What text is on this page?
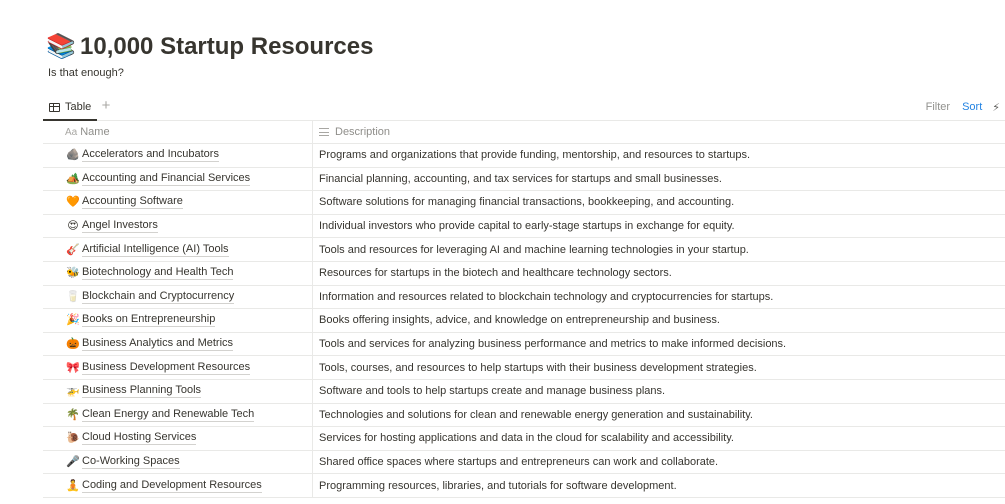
📚 10,000 Startup Resources
Is that enough?
Table +	Filter Sort ⚡
Aa Name	Description
🪨 Accelerators and Incubators	Programs and organizations that provide funding, mentorship, and resources to startups.
🏕️ Accounting and Financial Services	Financial planning, accounting, and tax services for startups and small businesses.
🧡 Accounting Software	Software solutions for managing financial transactions, bookkeeping, and accounting.
😍 Angel Investors	Individual investors who provide capital to early-stage startups in exchange for equity.
🎸 Artificial Intelligence (AI) Tools	Tools and resources for leveraging AI and machine learning technologies in your startup.
🐝 Biotechnology and Health Tech	Resources for startups in the biotech and healthcare technology sectors.
🥛 Blockchain and Cryptocurrency	Information and resources related to blockchain technology and cryptocurrencies for startups.
🎉 Books on Entrepreneurship	Books offering insights, advice, and knowledge on entrepreneurship and business.
🎃 Business Analytics and Metrics	Tools and services for analyzing business performance and metrics to make informed decisions.
🎀 Business Development Resources	Tools, courses, and resources to help startups with their business development strategies.
🚁 Business Planning Tools	Software and tools to help startups create and manage business plans.
🌴 Clean Energy and Renewable Tech	Technologies and solutions for clean and renewable energy generation and sustainability.
🐌 Cloud Hosting Services	Services for hosting applications and data in the cloud for scalability and accessibility.
🎤 Co-Working Spaces	Shared office spaces where startups and entrepreneurs can work and collaborate.
🧘 Coding and Development Resources	Programming resources, libraries, and tutorials for software development.
